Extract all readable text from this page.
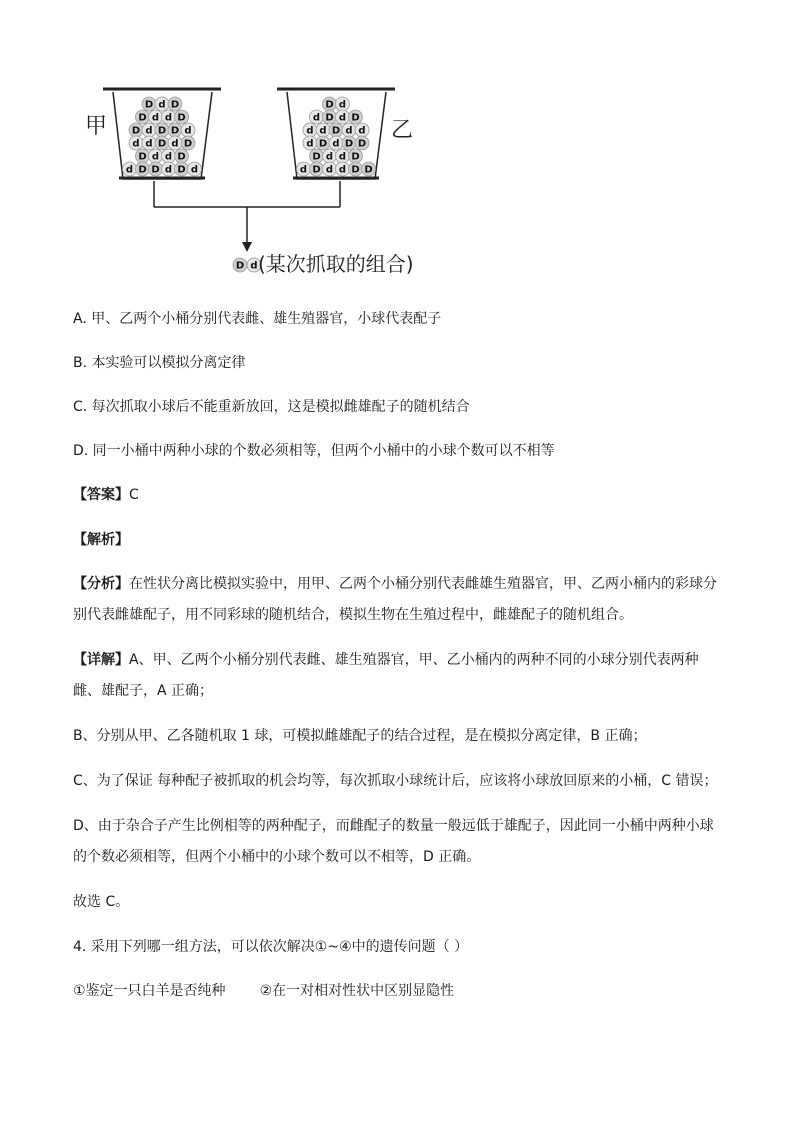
D d D
D d d D
D d D D d
d d D d D
D d d D
d D D d D d
甲
D d
d D d D
d d D d d
d D d D D
D d d D
d D d d D D
乙
D d (某次抓取的组合)

A. 甲、乙两个小桶分别代表雌、雄生殖器官，小球代表配子

B. 本实验可以模拟分离定律

C. 每次抓取小球后不能重新放回，这是模拟雌雄配子的随机结合

D. 同一小桶中两种小球的个数必须相等，但两个小桶中的小球个数可以不相等

【答案】C

【解析】

【分析】在性状分离比模拟实验中，用甲、乙两个小桶分别代表雌雄生殖器官，甲、乙两小桶内的彩球分

别代表雌雄配子，用不同彩球的随机结合，模拟生物在生殖过程中，雌雄配子的随机组合。

【详解】A、甲、乙两个小桶分别代表雌、雄生殖器官，甲、乙小桶内的两种不同的小球分别代表两种

雌、雄配子，A 正确；

B、分别从甲、乙各随机取 1 球，可模拟雌雄配子的结合过程，是在模拟分离定律，B 正确；

C、为了保证 每种配子被抓取的机会均等，每次抓取小球统计后，应该将小球放回原来的小桶，C 错误；

D、由于杂合子产生比例相等的两种配子，而雌配子的数量一般远低于雄配子，因此同一小桶中两种小球

的个数必须相等，但两个小桶中的小球个数可以不相等，D 正确。

故选 C。

4. 采用下列哪一组方法，可以依次解决①~④中的遗传问题（ ）

①鉴定一只白羊是否纯种 ②在一对相对性状中区别显隐性
